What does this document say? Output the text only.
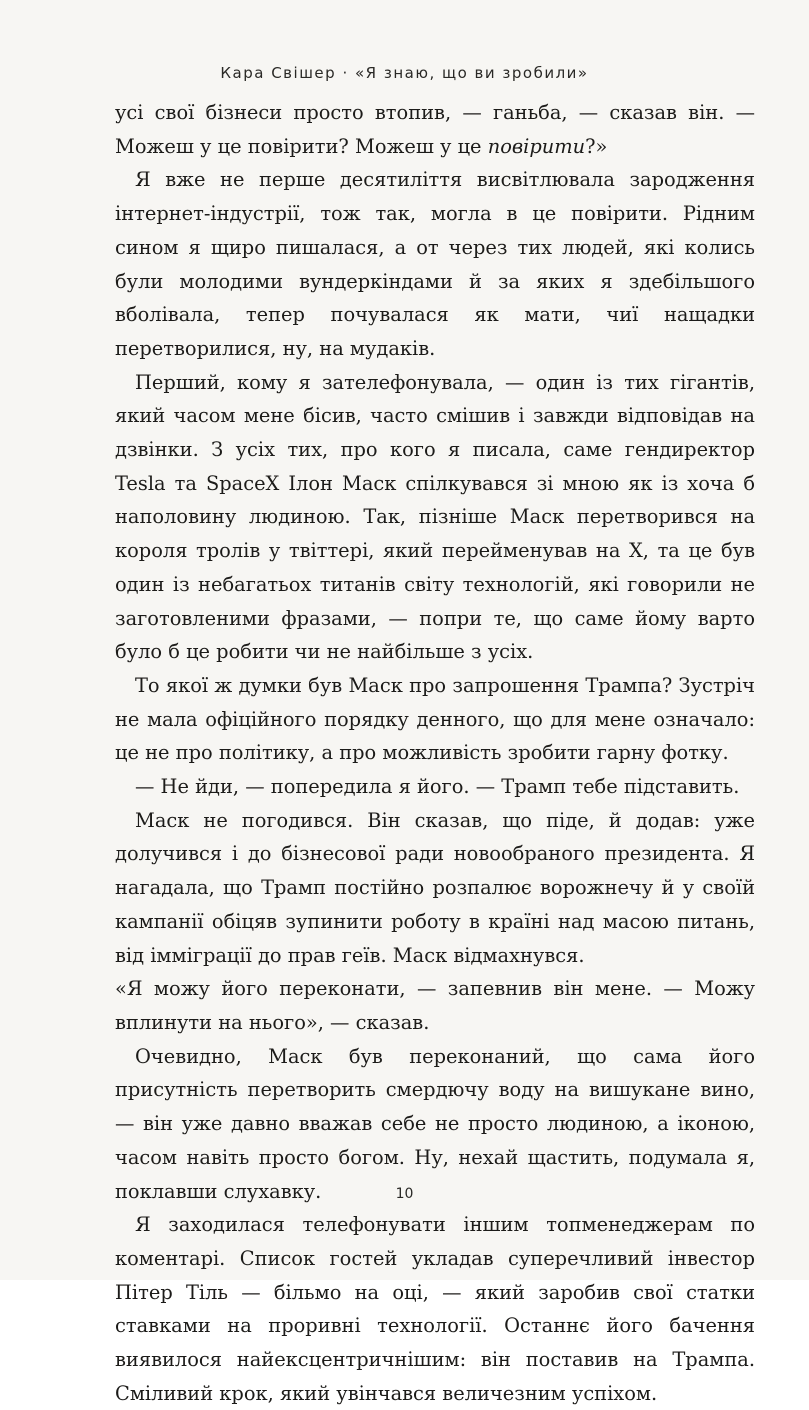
Кара Свішер · «Я знаю, що ви зробили»

усі свої бізнеси просто втопив, — ганьба, — сказав він. — Можеш у це повірити? Можеш у це повірити?»

Я вже не перше десятиліття висвітлювала зародження інтернет-індустрії, тож так, могла в це повірити. Рідним сином я щиро пишалася, а от через тих людей, які колись були молодими вундеркіндами й за яких я здебільшого вболівала, тепер почувалася як мати, чиї нащадки перетворилися, ну, на мудаків.

Перший, кому я зателефонувала, — один із тих гігантів, який часом мене бісив, часто смішив і завжди відповідав на дзвінки. З усіх тих, про кого я писала, саме гендиректор Tesla та SpaceX Ілон Маск спілкувався зі мною як із хоча б наполовину людиною. Так, пізніше Маск перетворився на короля тролів у твіттері, який перейменував на X, та це був один із небагатьох титанів світу технологій, які говорили не заготовленими фразами, — попри те, що саме йому варто було б це робити чи не найбільше з усіх.

То якої ж думки був Маск про запрошення Трампа? Зустріч не мала офіційного порядку денного, що для мене означало: це не про політику, а про можливість зробити гарну фотку.

— Не йди, — попередила я його. — Трамп тебе підставить.

Маск не погодився. Він сказав, що піде, й додав: уже долучився і до бізнесової ради новообраного президента. Я нагадала, що Трамп постійно розпалює ворожнечу й у своїй кампанії обіцяв зупинити роботу в країні над масою питань, від імміграції до прав геїв. Маск відмахнувся.

«Я можу його переконати, — запевнив він мене. — Можу вплинути на нього», — сказав.

Очевидно, Маск був переконаний, що сама його присутність перетворить смердючу воду на вишукане вино, — він уже давно вважав себе не просто людиною, а іконою, часом навіть просто богом. Ну, нехай щастить, подумала я, поклавши слухавку.

Я заходилася телефонувати іншим топменеджерам по коментарі. Список гостей укладав суперечливий інвестор Пітер Тіль — більмо на оці, — який заробив свої статки ставками на проривні технології. Останнє його бачення виявилося найексцентричнішим: він поставив на Трампа. Сміливий крок, який увінчався величезним успіхом.

10
